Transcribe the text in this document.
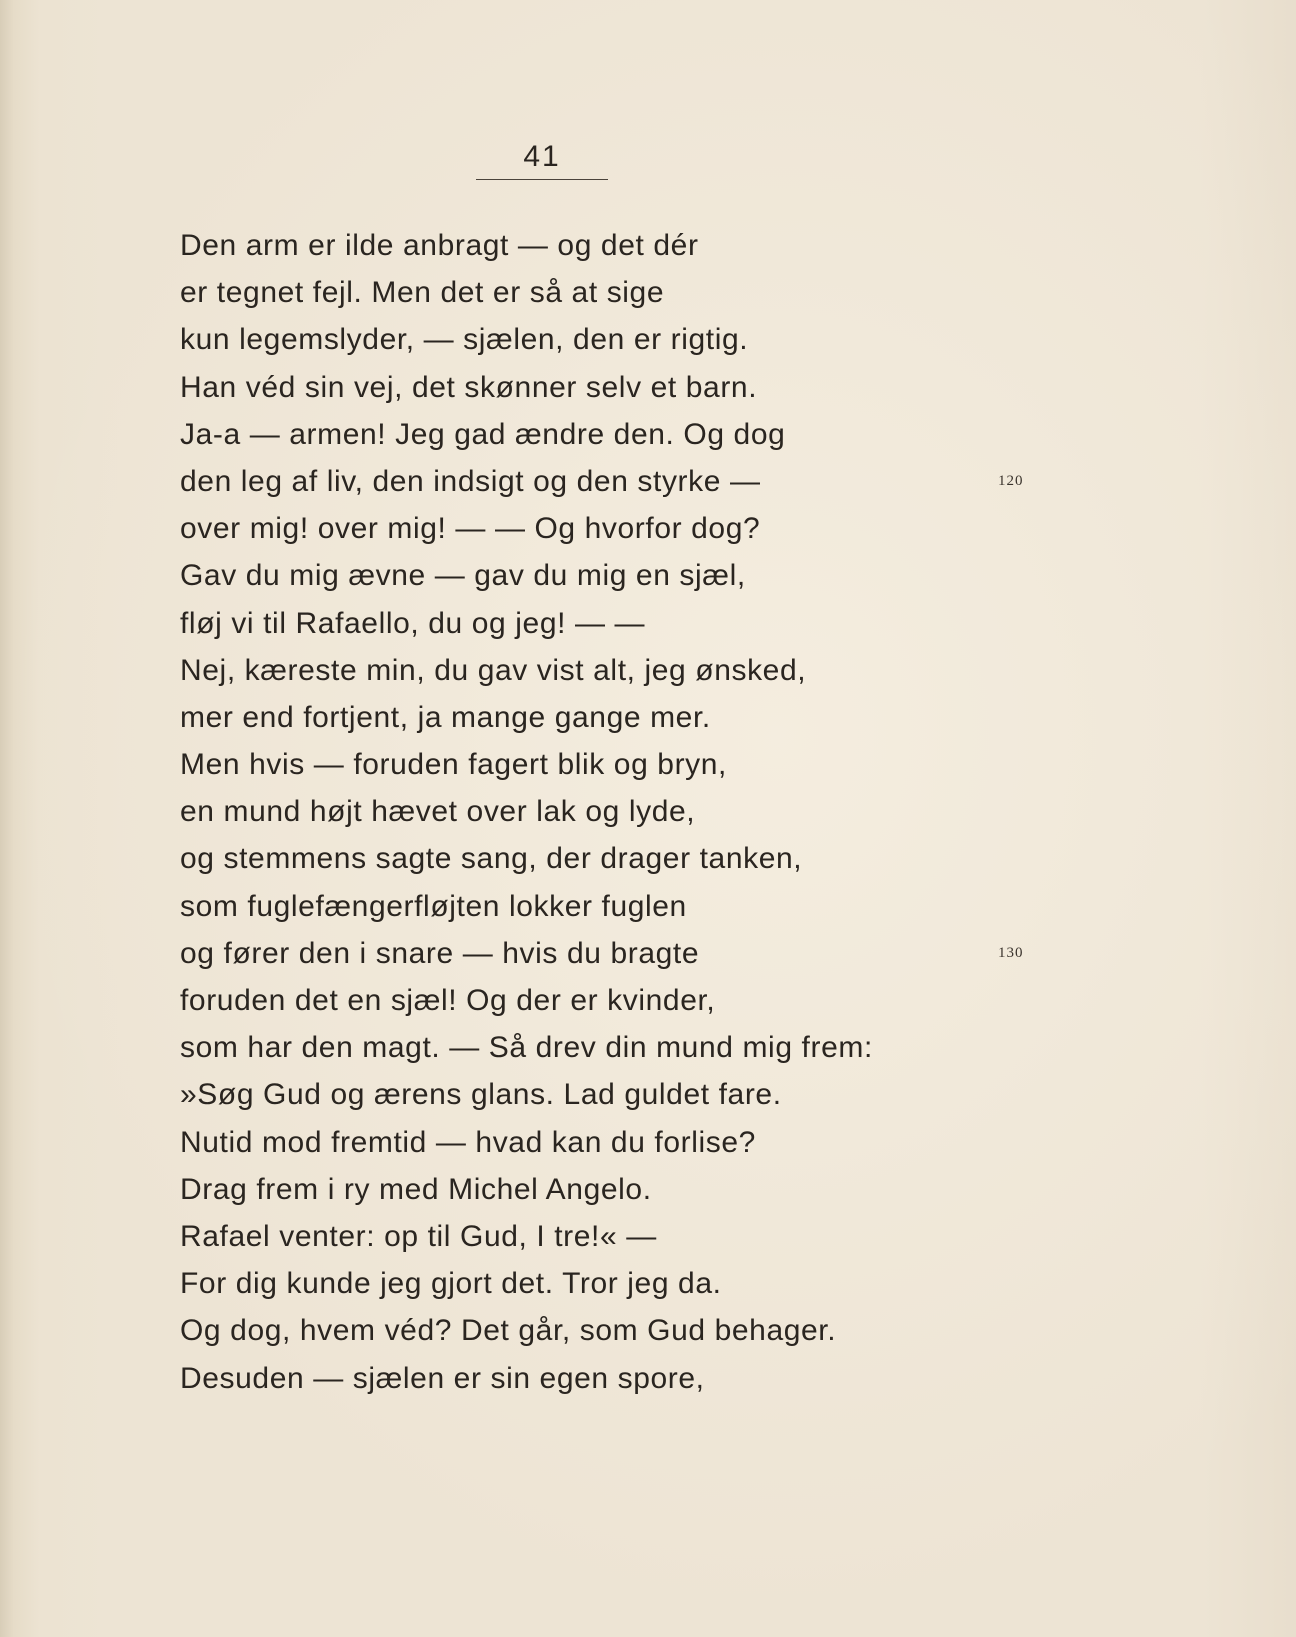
41
Den arm er ilde anbragt — og det dér
er tegnet fejl. Men det er så at sige
kun legemslyder, — sjælen, den er rigtig.
Han véd sin vej, det skønner selv et barn.
Ja-a — armen! Jeg gad ændre den. Og dog
den leg af liv, den indsigt og den styrke —	120
over mig! over mig! — — Og hvorfor dog?
Gav du mig ævne — gav du mig en sjæl,
fløj vi til Rafaello, du og jeg! — —
Nej, kæreste min, du gav vist alt, jeg ønsked,
mer end fortjent, ja mange gange mer.
Men hvis — foruden fagert blik og bryn,
en mund højt hævet over lak og lyde,
og stemmens sagte sang, der drager tanken,
som fuglefængerfløjten lokker fuglen
og fører den i snare — hvis du bragte	130
foruden det en sjæl! Og der er kvinder,
som har den magt. — Så drev din mund mig frem:
»Søg Gud og ærens glans. Lad guldet fare.
Nutid mod fremtid — hvad kan du forlise?
Drag frem i ry med Michel Angelo.
Rafael venter: op til Gud, I tre!« —
For dig kunde jeg gjort det. Tror jeg da.
Og dog, hvem véd? Det går, som Gud behager.
Desuden — sjælen er sin egen spore,
